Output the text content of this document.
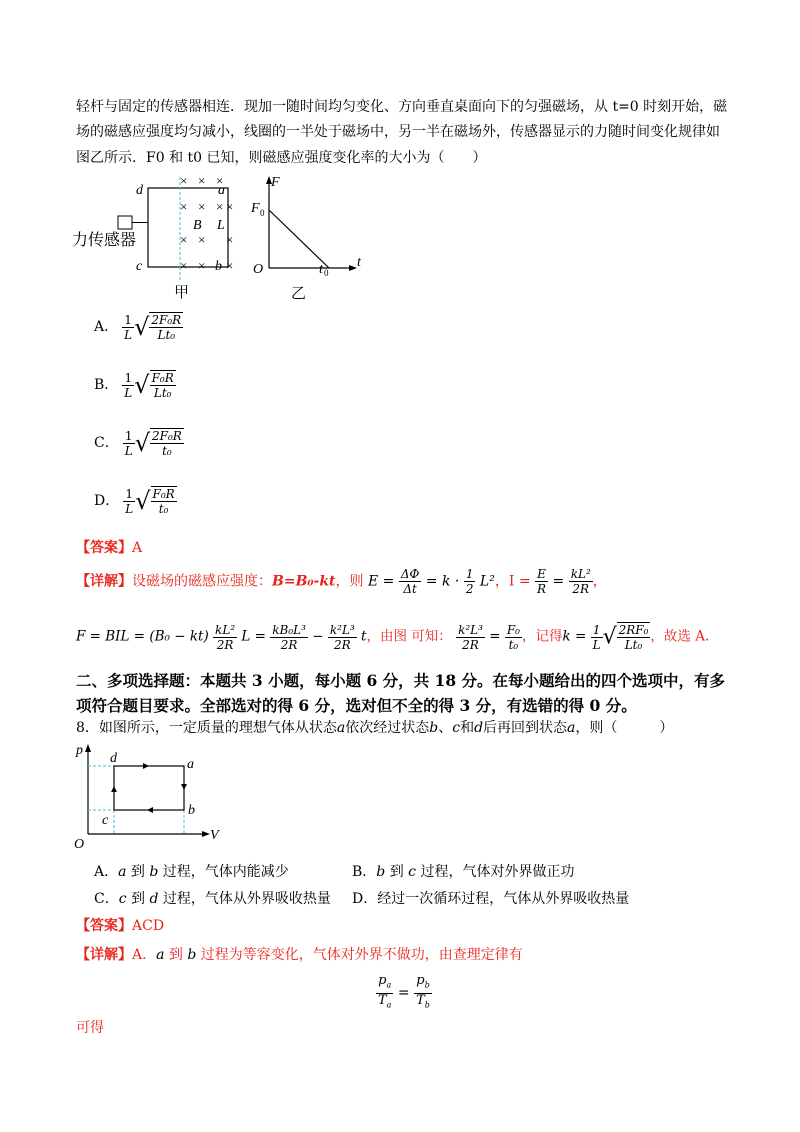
轻杆与固定的传感器相连．现加一随时间均匀变化、方向垂直桌面向下的匀强磁场，从 t=0 时刻开始，磁
场的磁感应强度均匀减小，线圈的一半处于磁场中，另一半在磁场外，传感器显示的力随时间变化规律如
图乙所示．F0 和 t0 已知，则磁感应强度变化率的大小为（　　）
× × ×
× × ×
× ×
× ×
×
×
×
d	a
c	b
B L
力传感器
甲
F
F 0
O	t 0
t
乙
A． $\frac{1}{L}$ √ $\frac{\text{2F₀R}}{\text{Lt₀}}$
B． $\frac{1}{L}$ √ $\frac{\text{F₀R}}{\text{Lt₀}}$
C． $\frac{1}{L}$ √ $\frac{\text{2F₀R}}{\text{t₀}}$
D． $\frac{1}{L}$ √ $\frac{\text{F₀R}}{\text{t₀}}$
【答案】A
【详解】设磁场的磁感应强度：B=B₀-kt，则 $E = \frac{\Delta\Phi}{\Delta t} = k \cdot \frac{1}{2} L^2$，$I = \frac{E}{R} = \frac{\text{kL²}}{2R}$ ，
F = BIL = $(B_0 - kt) \frac{\text{kL²}}{2R}$ $L = \frac{\text{kB₀L³}}{2R} - \frac{\text{k²L³}}{2R}$ t，由图 可知： $\frac{\text{k²L³}}{2R} = \frac{\text{F₀}}{\text{t₀}}$ ，记得$k = \frac{1}{L}$ √ $\frac{\text{2RF₀}}{\text{Lt₀}}$ ，故选 A.
二、多项选择题：本题共 3 小题，每小题 6 分，共 18 分。在每小题给出的四个选项中，有多
项符合题目要求。全部选对的得 6 分，选对但不全的得 3 分，有选错的得 0 分。
8．如图所示，一定质量的理想气体从状态a依次经过状态b、c和d后再回到状态a，则（　　　）
p
V
O
d	a
b
c
A．a 到 b 过程，气体内能减少	B．b 到 c 过程，气体对外界做正功
C．c 到 d 过程，气体从外界吸收热量 D．经过一次循环过程，气体从外界吸收热量
【答案】ACD
【详解】A．a 到 b 过程为等容变化，气体对外界不做功，由查理定律有
$\frac{p_a}{T_a} = \frac{p_b}{T_b}$
可得
